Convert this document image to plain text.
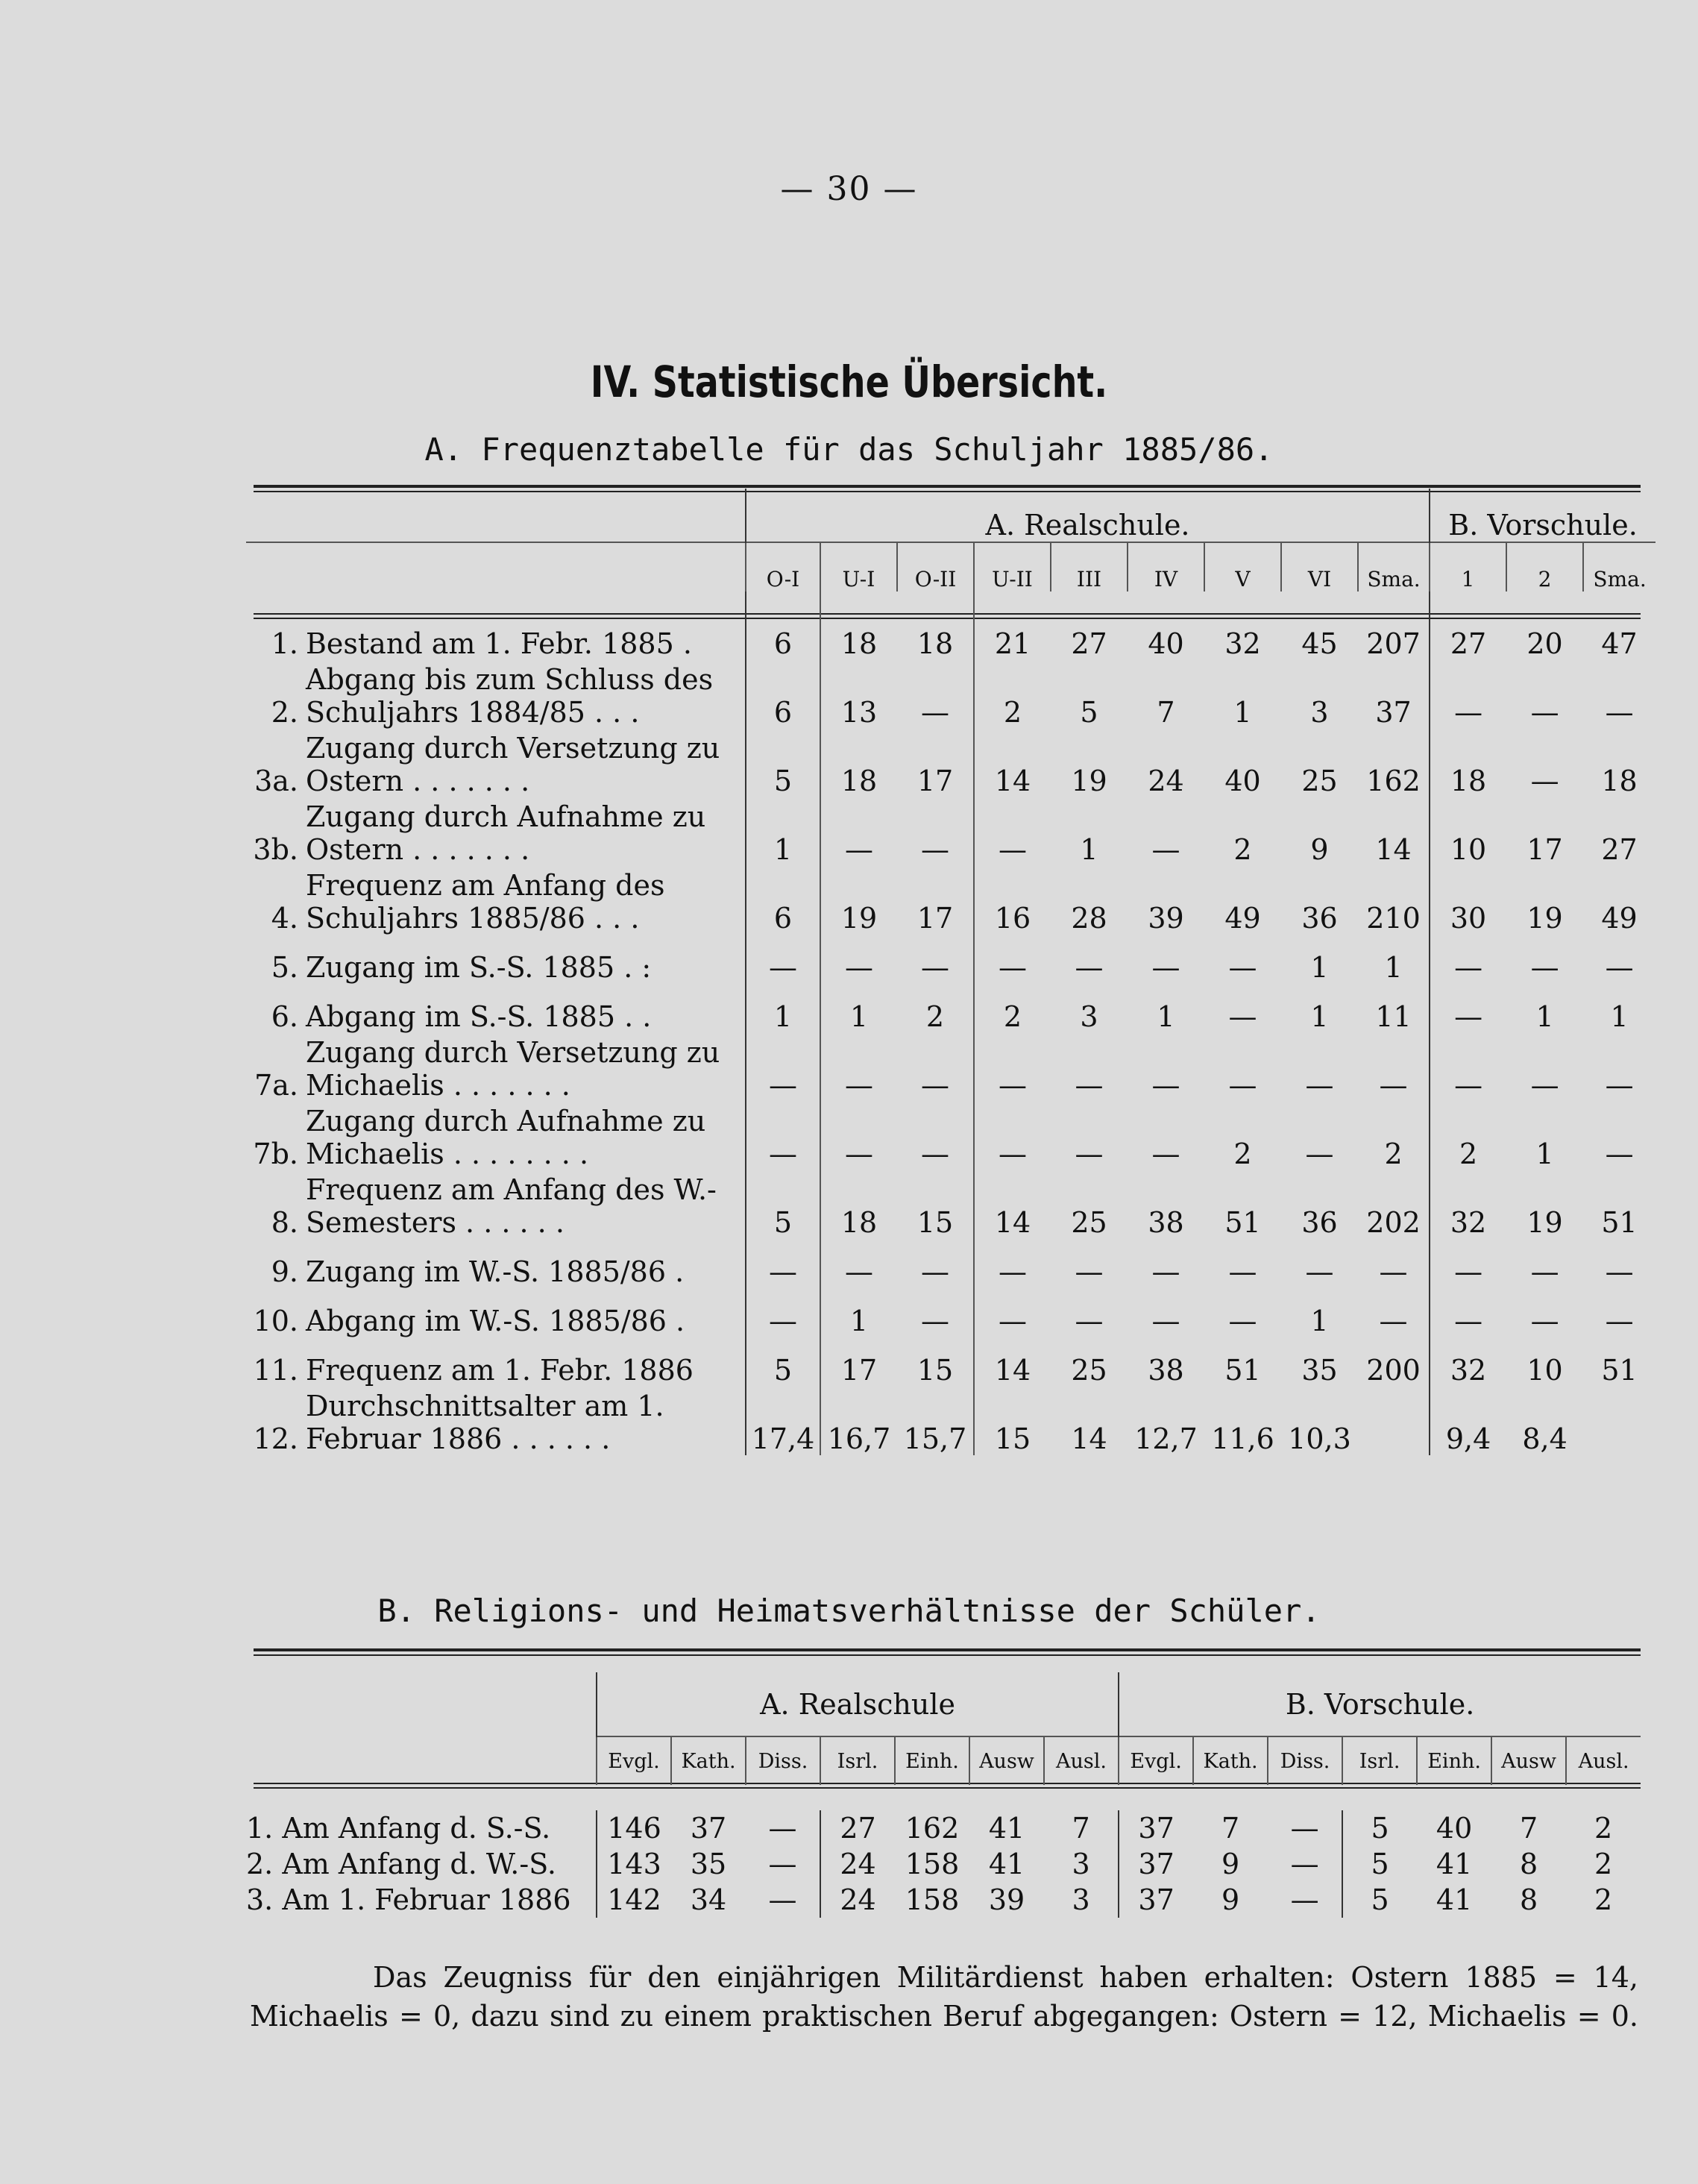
— 30 —
IV. Statistische Übersicht.
A. Frequenztabelle für das Schuljahr 1885/86.
		A. Realschule.									B. Vorschule.		
		O-I	U-I	O-II	U-II	III	IV	V	VI	Sma.	1	2	Sma.
1.	Bestand am 1. Febr. 1885 .	6	18	18	21	27	40	32	45	207	27	20	47
2.	Abgang bis zum Schluss des Schuljahrs 1884/85 . . .	6	13	—	2	5	7	1	3	37	—	—	—
3a.	Zugang durch Versetzung zu Ostern . . . . . . .	5	18	17	14	19	24	40	25	162	18	—	18
3b.	Zugang durch Aufnahme zu Ostern . . . . . . .	1	—	—	—	1	—	2	9	14	10	17	27
4.	Frequenz am Anfang des Schuljahrs 1885/86 . . .	6	19	17	16	28	39	49	36	210	30	19	49
5.	Zugang im S.-S. 1885 . :	—	—	—	—	—	—	—	1	1	—	—	—
6.	Abgang im S.-S. 1885 . .	1	1	2	2	3	1	—	1	11	—	1	1
7a.	Zugang durch Versetzung zu Michaelis . . . . . . .	—	—	—	—	—	—	—	—	—	—	—	—
7b.	Zugang durch Aufnahme zu Michaelis . . . . . . . .	—	—	—	—	—	—	2	—	2	2	1	—
8.	Frequenz am Anfang des W.-Semesters . . . . . .	5	18	15	14	25	38	51	36	202	32	19	51
9.	Zugang im W.-S. 1885/86 .	—	—	—	—	—	—	—	—	—	—	—	—
10.	Abgang im W.-S. 1885/86 .	—	1	—	—	—	—	—	1	—	—	—	—
11.	Frequenz am 1. Febr. 1886	5	17	15	14	25	38	51	35	200	32	10	51
12.	Durchschnittsalter am 1. Februar 1886 . . . . . .	17,4	16,7	15,7	15	14	12,7	11,6	10,3		9,4	8,4	
B. Religions- und Heimatsverhältnisse der Schüler.
	A. Realschule							B. Vorschule.						
	Evgl.	Kath.	Diss.	Isrl.	Einh.	Ausw	Ausl.	Evgl.	Kath.	Diss.	Isrl.	Einh.	Ausw	Ausl.

1. Am Anfang d. S.-S.	146	37	—	27	162	41	7	37	7	—	5	40	7	2
2. Am Anfang d. W.-S.	143	35	—	24	158	41	3	37	9	—	5	41	8	2
3. Am 1. Februar 1886	142	34	—	24	158	39	3	37	9	—	5	41	8	2
Das Zeugniss für den einjährigen Militärdienst haben erhalten: Ostern 1885 = 14,
Michaelis = 0, dazu sind zu einem praktischen Beruf abgegangen: Ostern = 12, Michaelis = 0.
